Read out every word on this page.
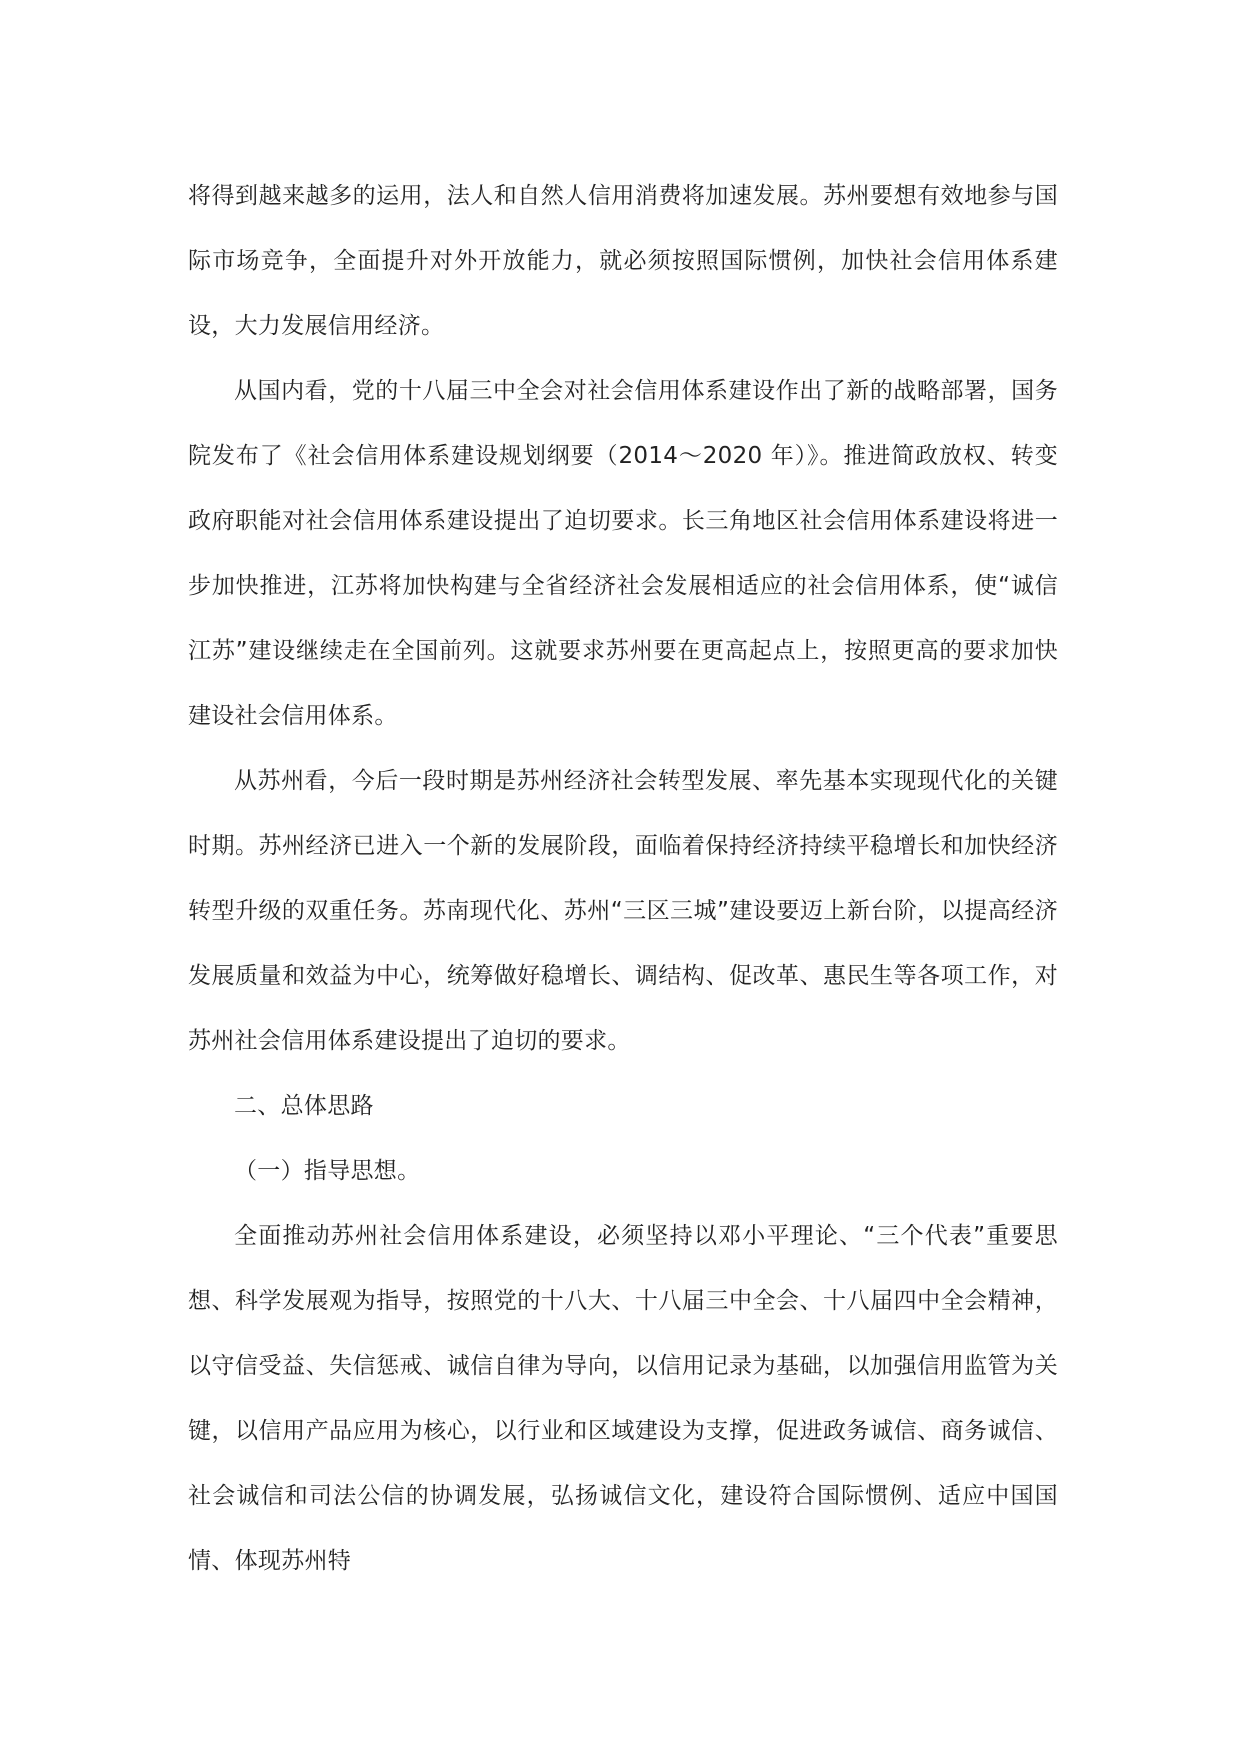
将得到越来越多的运用，法人和自然人信用消费将加速发展。苏州要想有效地参与国际市场竞争，全面提升对外开放能力，就必须按照国际惯例，加快社会信用体系建设，大力发展信用经济。

从国内看，党的十八届三中全会对社会信用体系建设作出了新的战略部署，国务院发布了《社会信用体系建设规划纲要（2014～2020 年）》。推进简政放权、转变政府职能对社会信用体系建设提出了迫切要求。长三角地区社会信用体系建设将进一步加快推进，江苏将加快构建与全省经济社会发展相适应的社会信用体系，使“诚信江苏”建设继续走在全国前列。这就要求苏州要在更高起点上，按照更高的要求加快建设社会信用体系。

从苏州看，今后一段时期是苏州经济社会转型发展、率先基本实现现代化的关键时期。苏州经济已进入一个新的发展阶段，面临着保持经济持续平稳增长和加快经济转型升级的双重任务。苏南现代化、苏州“三区三城”建设要迈上新台阶，以提高经济发展质量和效益为中心，统筹做好稳增长、调结构、促改革、惠民生等各项工作，对苏州社会信用体系建设提出了迫切的要求。

二、总体思路

（一）指导思想。

全面推动苏州社会信用体系建设，必须坚持以邓小平理论、“三个代表”重要思想、科学发展观为指导，按照党的十八大、十八届三中全会、十八届四中全会精神，以守信受益、失信惩戒、诚信自律为导向，以信用记录为基础，以加强信用监管为关键，以信用产品应用为核心，以行业和区域建设为支撑，促进政务诚信、商务诚信、社会诚信和司法公信的协调发展，弘扬诚信文化，建设符合国际惯例、适应中国国情、体现苏州特
